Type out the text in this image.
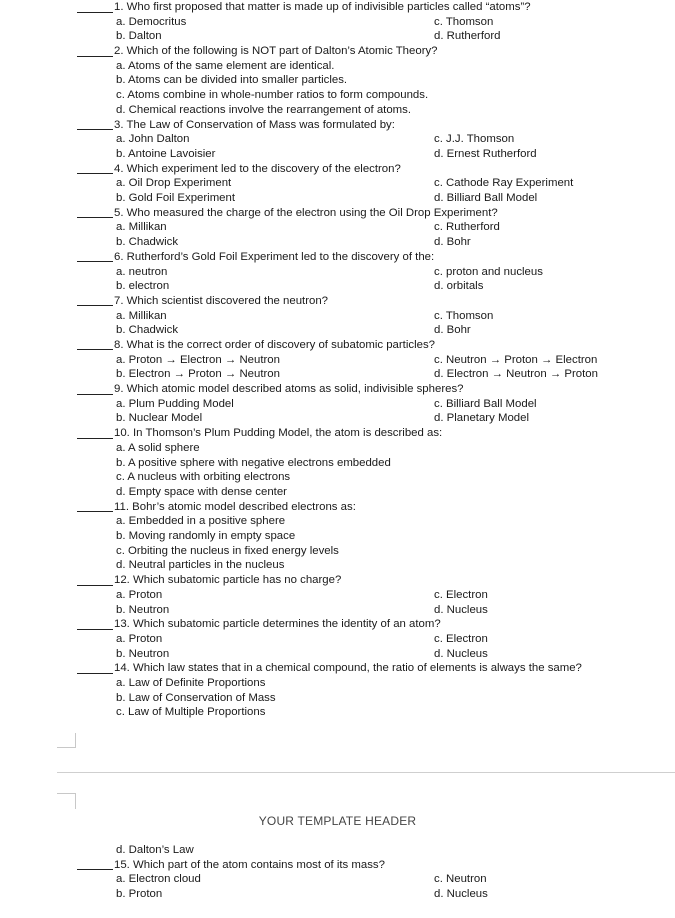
1. Who first proposed that matter is made up of indivisible particles called “atoms”?
a. Democritus	c. Thomson
b. Dalton	d. Rutherford
2. Which of the following is NOT part of Dalton’s Atomic Theory?
a. Atoms of the same element are identical.
b. Atoms can be divided into smaller particles.
c. Atoms combine in whole-number ratios to form compounds.
d. Chemical reactions involve the rearrangement of atoms.
3. The Law of Conservation of Mass was formulated by:
a. John Dalton	c. J.J. Thomson
b. Antoine Lavoisier	d. Ernest Rutherford
4. Which experiment led to the discovery of the electron?
a. Oil Drop Experiment	c. Cathode Ray Experiment
b. Gold Foil Experiment	d. Billiard Ball Model
5. Who measured the charge of the electron using the Oil Drop Experiment?
a. Millikan	c. Rutherford
b. Chadwick	d. Bohr
6. Rutherford’s Gold Foil Experiment led to the discovery of the:
a. neutron	c. proton and nucleus
b. electron	d. orbitals
7. Which scientist discovered the neutron?
a. Millikan	c. Thomson
b. Chadwick	d. Bohr
8. What is the correct order of discovery of subatomic particles?
a. Proton → Electron → Neutron	c. Neutron → Proton → Electron
b. Electron → Proton → Neutron	d. Electron → Neutron → Proton
9. Which atomic model described atoms as solid, indivisible spheres?
a. Plum Pudding Model	c. Billiard Ball Model
b. Nuclear Model	d. Planetary Model
10. In Thomson’s Plum Pudding Model, the atom is described as:
a. A solid sphere
b. A positive sphere with negative electrons embedded
c. A nucleus with orbiting electrons
d. Empty space with dense center
11. Bohr’s atomic model described electrons as:
a. Embedded in a positive sphere
b. Moving randomly in empty space
c. Orbiting the nucleus in fixed energy levels
d. Neutral particles in the nucleus
12. Which subatomic particle has no charge?
a. Proton	c. Electron
b. Neutron	d. Nucleus
13. Which subatomic particle determines the identity of an atom?
a. Proton	c. Electron
b. Neutron	d. Nucleus
14. Which law states that in a chemical compound, the ratio of elements is always the same?
a. Law of Definite Proportions
b. Law of Conservation of Mass
c. Law of Multiple Proportions
YOUR TEMPLATE HEADER
d. Dalton’s Law
15. Which part of the atom contains most of its mass?
a. Electron cloud	c. Neutron
b. Proton	d. Nucleus
